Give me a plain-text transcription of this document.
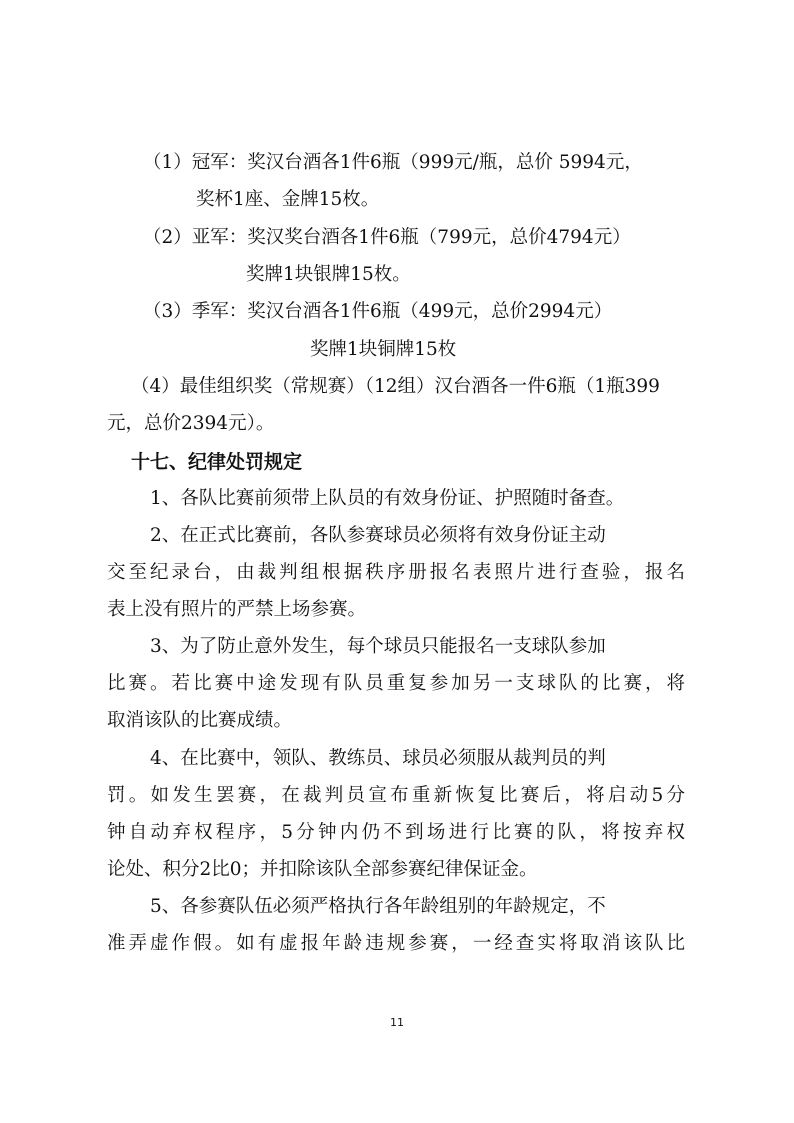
（1）冠军：奖汉台酒各1件6瓶（999元/瓶，总价 5994元，
奖杯1座、金牌15枚。
（2）亚军：奖汉奖台酒各1件6瓶（799元，总价4794元）
奖牌1块银牌15枚。
（3）季军：奖汉台酒各1件6瓶（499元，总价2994元）
奖牌1块铜牌15枚
（4）最佳组织奖（常规赛）（12组）汉台酒各一件6瓶（1瓶399
元，总价2394元）。
十七、纪律处罚规定
1、各队比赛前须带上队员的有效身份证、护照随时备查。
2、在正式比赛前，各队参赛球员必须将有效身份证主动
交至纪录台，由裁判组根据秩序册报名表照片进行查验，报名
表上没有照片的严禁上场参赛。
3、为了防止意外发生，每个球员只能报名一支球队参加
比赛。若比赛中途发现有队员重复参加另一支球队的比赛，将
取消该队的比赛成绩。
4、在比赛中，领队、教练员、球员必须服从裁判员的判
罚。如发生罢赛，在裁判员宣布重新恢复比赛后，将启动5分
钟自动弃权程序，5分钟内仍不到场进行比赛的队，将按弃权
论处、积分2比0；并扣除该队全部参赛纪律保证金。
5、各参赛队伍必须严格执行各年龄组别的年龄规定，不
准弄虚作假。如有虚报年龄违规参赛，一经查实将取消该队比
11
